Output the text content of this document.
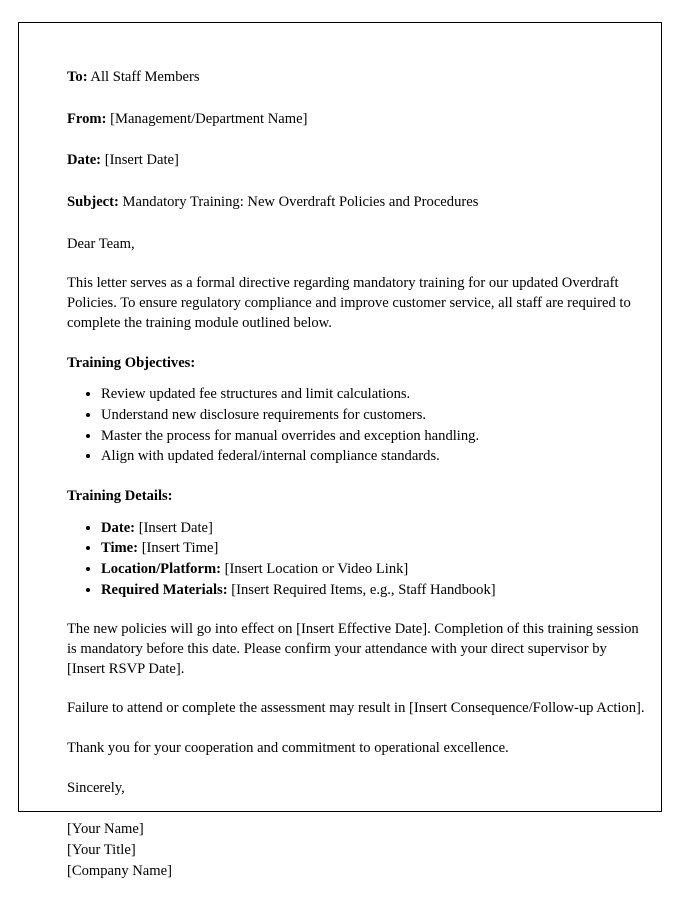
To: All Staff Members

From: [Management/Department Name]

Date: [Insert Date]

Subject: Mandatory Training: New Overdraft Policies and Procedures

Dear Team,

This letter serves as a formal directive regarding mandatory training for our updated Overdraft Policies. To ensure regulatory compliance and improve customer service, all staff are required to complete the training module outlined below.

Training Objectives:

• Review updated fee structures and limit calculations.
• Understand new disclosure requirements for customers.
• Master the process for manual overrides and exception handling.
• Align with updated federal/internal compliance standards.

Training Details:

• Date: [Insert Date]
• Time: [Insert Time]
• Location/Platform: [Insert Location or Video Link]
• Required Materials: [Insert Required Items, e.g., Staff Handbook]

The new policies will go into effect on [Insert Effective Date]. Completion of this training session is mandatory before this date. Please confirm your attendance with your direct supervisor by [Insert RSVP Date].

Failure to attend or complete the assessment may result in [Insert Consequence/Follow-up Action].

Thank you for your cooperation and commitment to operational excellence.

Sincerely,

[Your Name]
[Your Title]
[Company Name]
